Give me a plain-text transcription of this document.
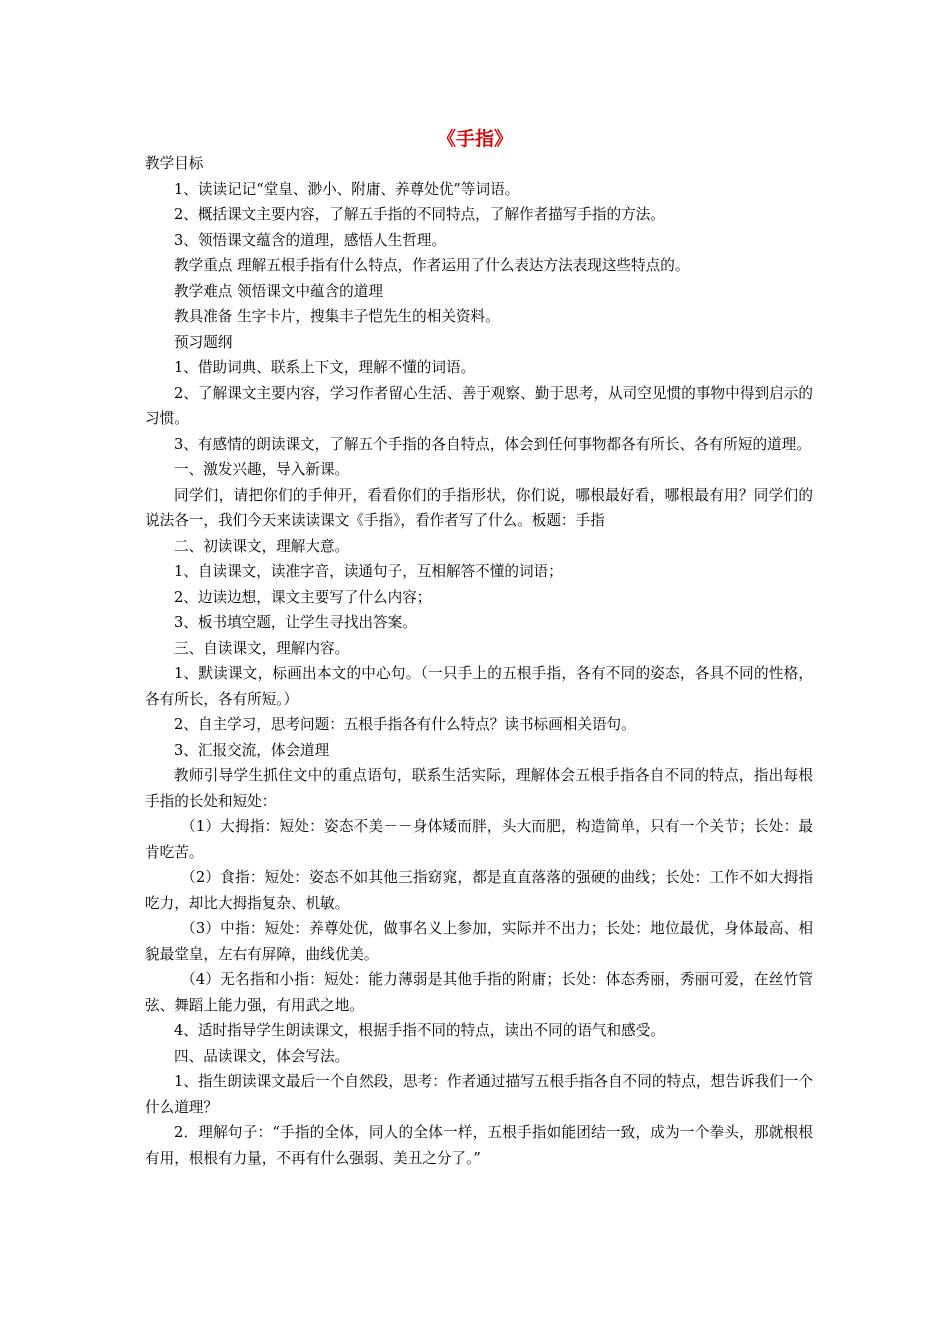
《手指》

教学目标

1、读读记记“堂皇、渺小、附庸、养尊处优”等词语。

2、概括课文主要内容，了解五手指的不同特点，了解作者描写手指的方法。

3、领悟课文蕴含的道理，感悟人生哲理。

教学重点 理解五根手指有什么特点，作者运用了什么表达方法表现这些特点的。

教学难点 领悟课文中蕴含的道理

教具准备 生字卡片，搜集丰子恺先生的相关资料。

预习题纲

1、借助词典、联系上下文，理解不懂的词语。

2、了解课文主要内容，学习作者留心生活、善于观察、勤于思考，从司空见惯的事物中得到启示的习惯。

3、有感情的朗读课文，了解五个手指的各自特点，体会到任何事物都各有所长、各有所短的道理。

一、激发兴趣，导入新课。

同学们，请把你们的手伸开，看看你们的手指形状，你们说，哪根最好看，哪根最有用？同学们的说法各一，我们今天来读读课文《手指》，看作者写了什么。板题：手指

二、初读课文，理解大意。

1、自读课文，读准字音，读通句子，互相解答不懂的词语；

2、边读边想，课文主要写了什么内容；

3、板书填空题，让学生寻找出答案。

三、自读课文，理解内容。

1、默读课文，标画出本文的中心句。（一只手上的五根手指，各有不同的姿态，各具不同的性格，各有所长，各有所短。）

2、自主学习，思考问题：五根手指各有什么特点？读书标画相关语句。

3、汇报交流，体会道理

教师引导学生抓住文中的重点语句，联系生活实际，理解体会五根手指各自不同的特点，指出每根手指的长处和短处：

（1）大拇指：短处：姿态不美－－身体矮而胖，头大而肥，构造简单，只有一个关节；长处：最肯吃苦。

（2）食指：短处：姿态不如其他三指窈窕，都是直直落落的强硬的曲线；长处：工作不如大拇指吃力，却比大拇指复杂、机敏。

（3）中指：短处：养尊处优，做事名义上参加，实际并不出力；长处：地位最优，身体最高、相貌最堂皇，左右有屏障，曲线优美。

（4）无名指和小指：短处：能力薄弱是其他手指的附庸；长处：体态秀丽，秀丽可爱，在丝竹管弦、舞蹈上能力强，有用武之地。

4、适时指导学生朗读课文，根据手指不同的特点，读出不同的语气和感受。

四、品读课文，体会写法。

1、指生朗读课文最后一个自然段，思考：作者通过描写五根手指各自不同的特点，想告诉我们一个什么道理？

2．理解句子：“手指的全体，同人的全体一样，五根手指如能团结一致，成为一个拳头，那就根根有用，根根有力量，不再有什么强弱、美丑之分了。”
